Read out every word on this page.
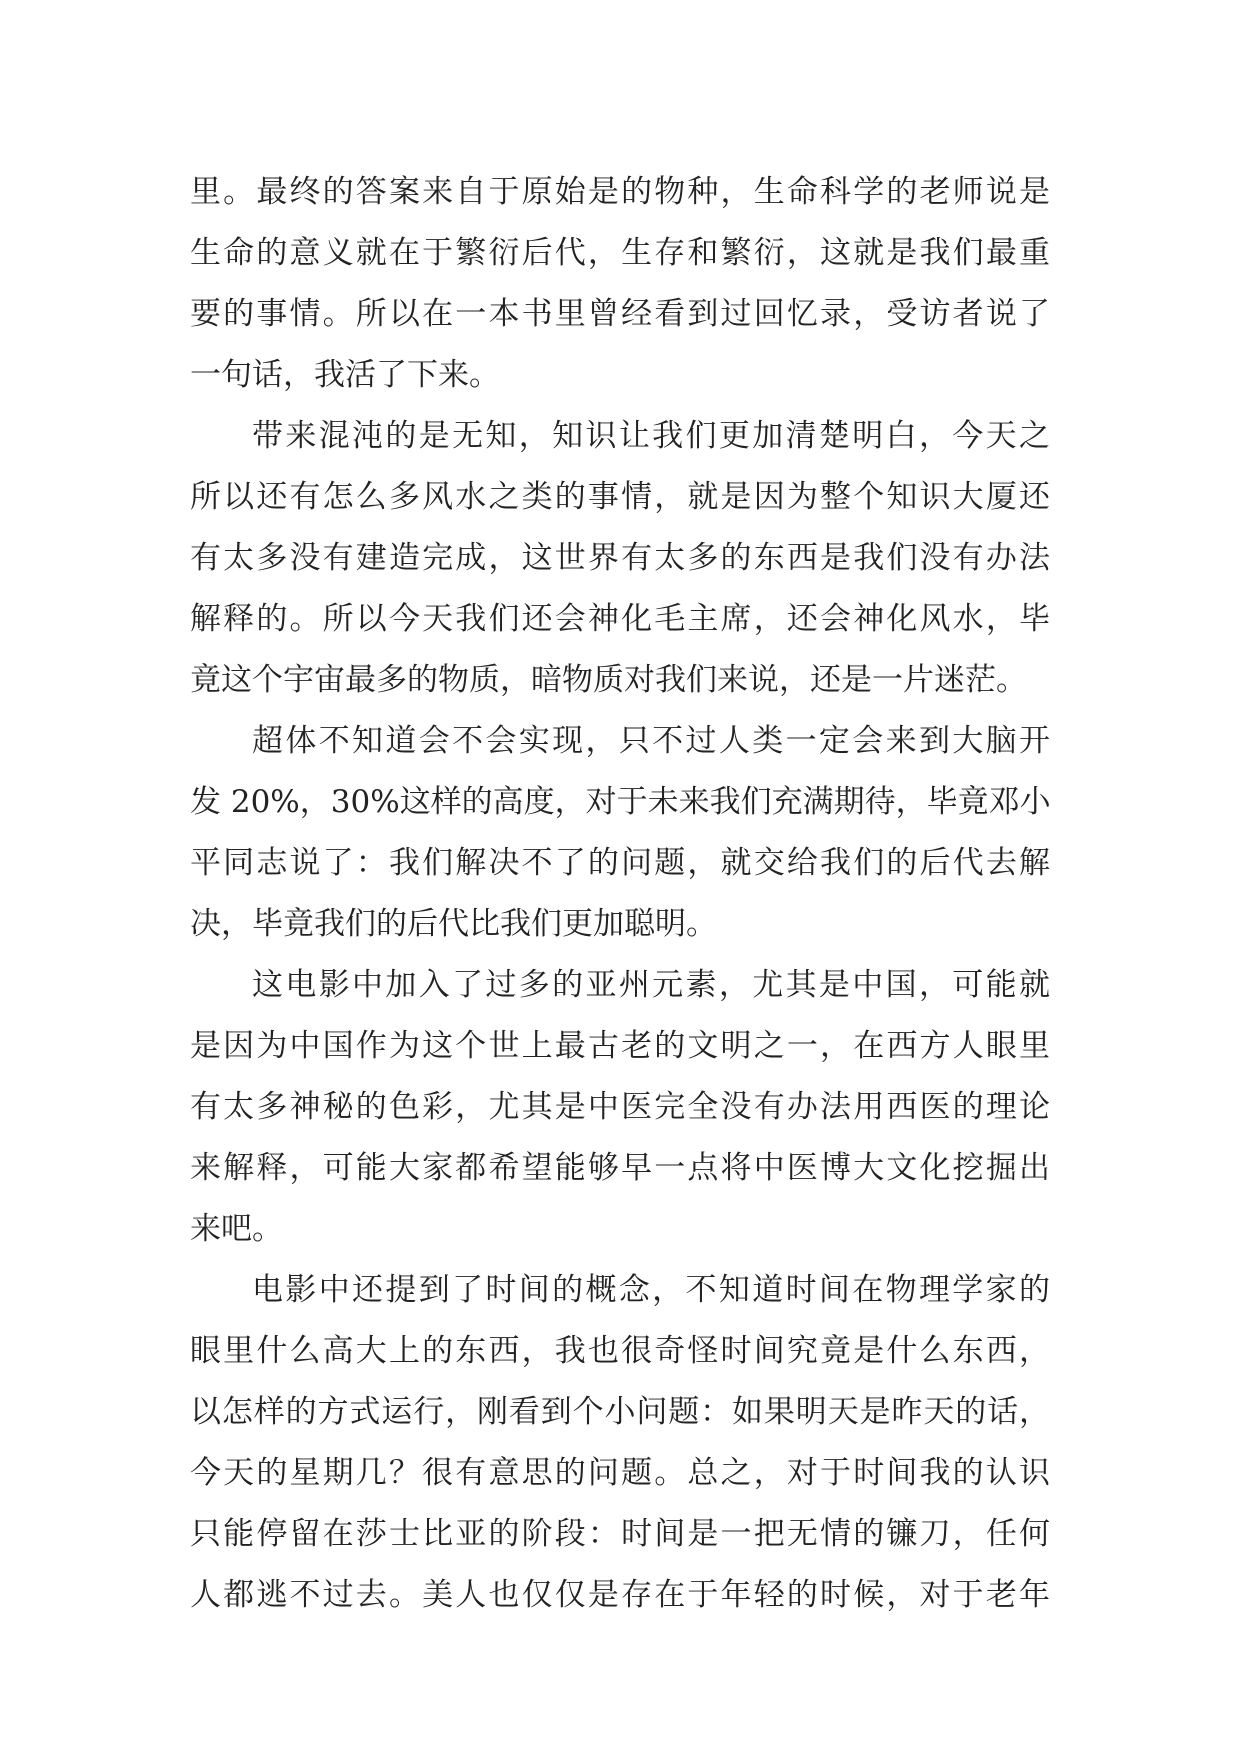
里。最终的答案来自于原始是的物种，生命科学的老师说是
生命的意义就在于繁衍后代，生存和繁衍，这就是我们最重
要的事情。所以在一本书里曾经看到过回忆录，受访者说了
一句话，我活了下来。
带来混沌的是无知，知识让我们更加清楚明白，今天之
所以还有怎么多风水之类的事情，就是因为整个知识大厦还
有太多没有建造完成，这世界有太多的东西是我们没有办法
解释的。所以今天我们还会神化毛主席，还会神化风水，毕
竟这个宇宙最多的物质，暗物质对我们来说，还是一片迷茫。
超体不知道会不会实现，只不过人类一定会来到大脑开
发 20%，30%这样的高度，对于未来我们充满期待，毕竟邓小
平同志说了：我们解决不了的问题，就交给我们的后代去解
决，毕竟我们的后代比我们更加聪明。
这电影中加入了过多的亚州元素，尤其是中国，可能就
是因为中国作为这个世上最古老的文明之一，在西方人眼里
有太多神秘的色彩，尤其是中医完全没有办法用西医的理论
来解释，可能大家都希望能够早一点将中医博大文化挖掘出
来吧。
电影中还提到了时间的概念，不知道时间在物理学家的
眼里什么高大上的东西，我也很奇怪时间究竟是什么东西，
以怎样的方式运行，刚看到个小问题：如果明天是昨天的话，
今天的星期几？很有意思的问题。总之，对于时间我的认识
只能停留在莎士比亚的阶段：时间是一把无情的镰刀，任何
人都逃不过去。美人也仅仅是存在于年轻的时候，对于老年
